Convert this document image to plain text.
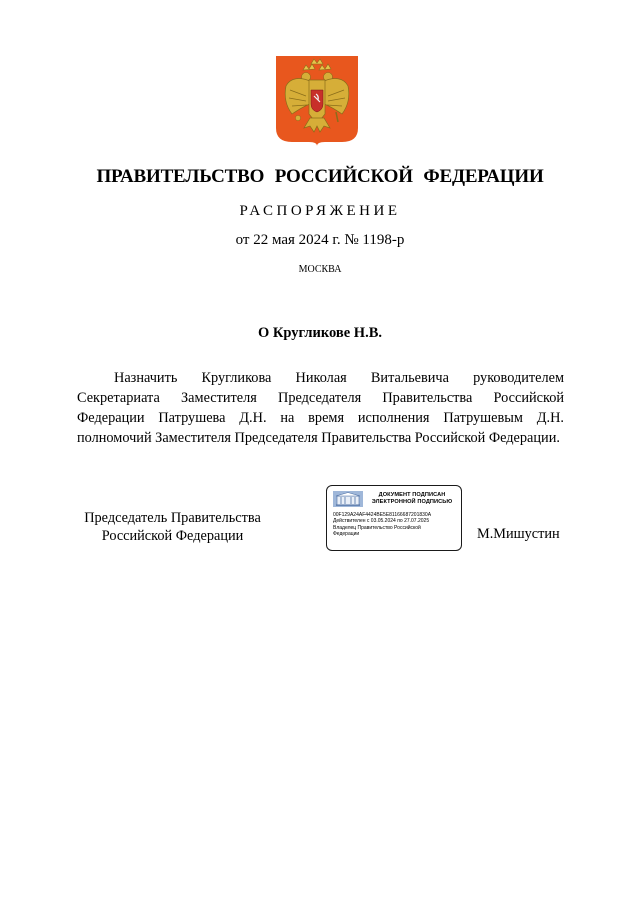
ПРАВИТЕЛЬСТВО РОССИЙСКОЙ ФЕДЕРАЦИИ
РАСПОРЯЖЕНИЕ
от 22 мая 2024 г. № 1198-р
МОСКВА
О Кругликове Н.В.

Назначить Кругликова Николая Витальевича руководителем Секретариата Заместителя Председателя Правительства Российской Федерации Патрушева Д.Н. на время исполнения Патрушевым Д.Н. полномочий Заместителя Председателя Правительства Российской Федерации.

Председатель Правительства
Российской Федерации
ДОКУМЕНТ ПОДПИСАН
ЭЛЕКТРОННОЙ ПОДПИСЬЮ
00F129A24AF4424BE5E81166687201830A
Действителен с 03.05.2024 по 27.07.2025
Владелец Правительство Российской
Федерации	М.Мишустин
